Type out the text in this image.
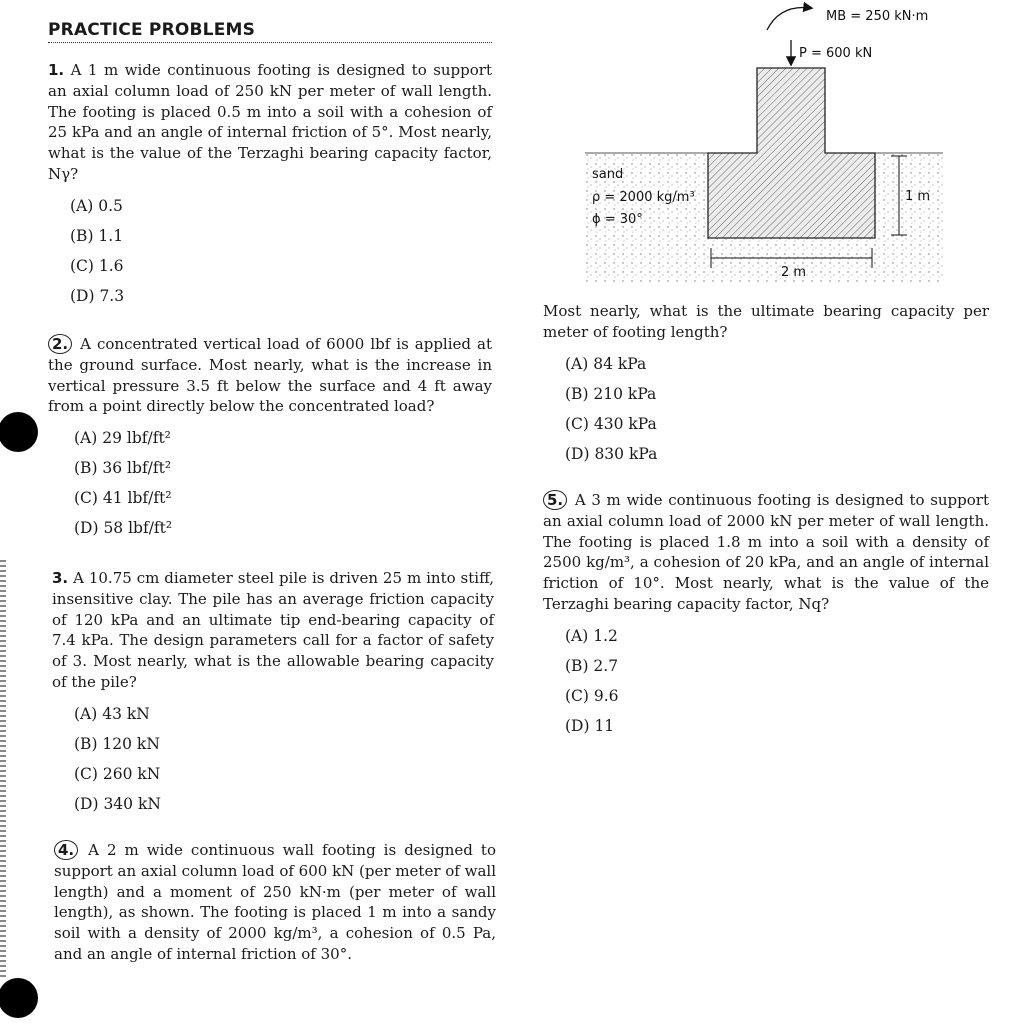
PRACTICE PROBLEMS
1. A 1 m wide continuous footing is designed to support an axial column load of 250 kN per meter of wall length. The footing is placed 0.5 m into a soil with a cohesion of 25 kPa and an angle of internal friction of 5°. Most nearly, what is the value of the Terzaghi bearing capacity factor, Nγ?
(A) 0.5
(B) 1.1
(C) 1.6
(D) 7.3
2. A concentrated vertical load of 6000 lbf is applied at the ground surface. Most nearly, what is the increase in vertical pressure 3.5 ft below the surface and 4 ft away from a point directly below the concentrated load?
(A) 29 lbf/ft²
(B) 36 lbf/ft²
(C) 41 lbf/ft²
(D) 58 lbf/ft²
3. A 10.75 cm diameter steel pile is driven 25 m into stiff, insensitive clay. The pile has an average friction capacity of 120 kPa and an ultimate tip end-bearing capacity of 7.4 kPa. The design parameters call for a factor of safety of 3. Most nearly, what is the allowable bearing capacity of the pile?
(A) 43 kN
(B) 120 kN
(C) 260 kN
(D) 340 kN
4. A 2 m wide continuous wall footing is designed to support an axial column load of 600 kN (per meter of wall length) and a moment of 250 kN·m (per meter of wall length), as shown. The footing is placed 1 m into a sandy soil with a density of 2000 kg/m³, a cohesion of 0.5 Pa, and an angle of internal friction of 30°.
MB = 250 kN·m
P = 600 kN
sand
ρ = 2000 kg/m³
ϕ = 30°
1 m
2 m
Most nearly, what is the ultimate bearing capacity per meter of footing length?
(A) 84 kPa
(B) 210 kPa
(C) 430 kPa
(D) 830 kPa
5. A 3 m wide continuous footing is designed to support an axial column load of 2000 kN per meter of wall length. The footing is placed 1.8 m into a soil with a density of 2500 kg/m³, a cohesion of 20 kPa, and an angle of internal friction of 10°. Most nearly, what is the value of the Terzaghi bearing capacity factor, Nq?
(A) 1.2
(B) 2.7
(C) 9.6
(D) 11
